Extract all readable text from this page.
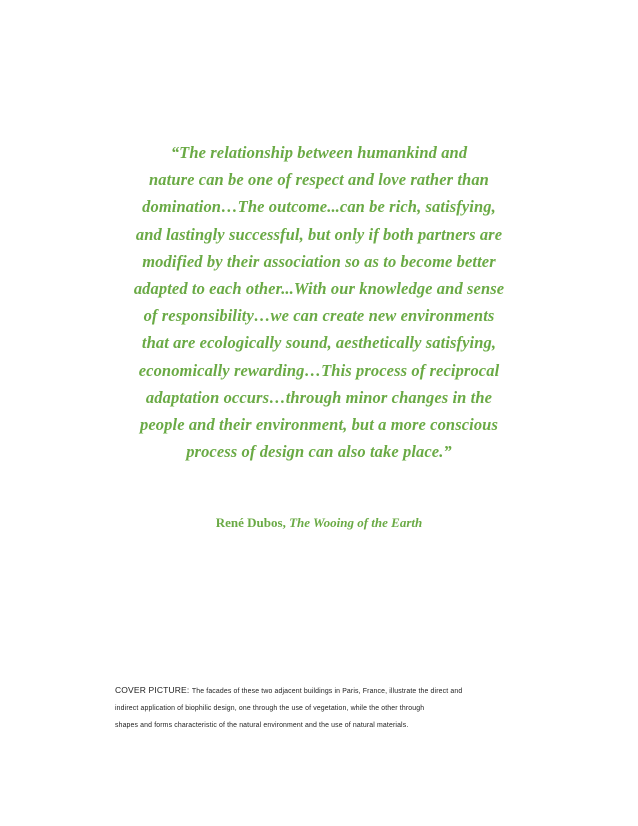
“The relationship between humankind and
nature can be one of respect and love rather than
domination…The outcome...can be rich, satisfying,
and lastingly successful, but only if both partners are
modified by their association so as to become better
adapted to each other...With our knowledge and sense
of responsibility…we can create new environments
that are ecologically sound, aesthetically satisfying,
economically rewarding…This process of reciprocal
adaptation occurs…through minor changes in the
people and their environment, but a more conscious
process of design can also take place.”
René Dubos, The Wooing of the Earth
COVER PICTURE: The facades of these two adjacent buildings in Paris, France, illustrate the direct and
indirect application of biophilic design, one through the use of vegetation, while the other through
shapes and forms characteristic of the natural environment and the use of natural materials.
